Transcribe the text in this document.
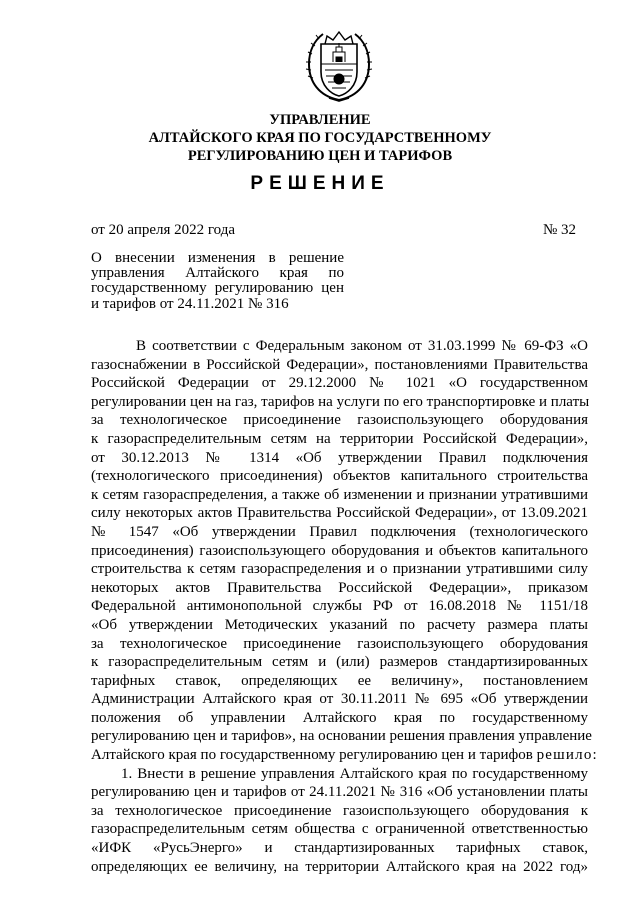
УПРАВЛЕНИЕ
АЛТАЙСКОГО КРАЯ ПО ГОСУДАРСТВЕННОМУ
РЕГУЛИРОВАНИЮ ЦЕН И ТАРИФОВ
РЕШЕНИЕ
от 20 апреля 2022 года	№ 32
О внесении изменения в решение
управления Алтайского края по
государственному регулированию цен
и тарифов от 24.11.2021 № 316
В соответствии с Федеральным законом от 31.03.1999 № 69-ФЗ «О
газоснабжении в Российской Федерации», постановлениями Правительства
Российской Федерации от 29.12.2000 № 1021 «О государственном
регулировании цен на газ, тарифов на услуги по его транспортировке и платы
за технологическое присоединение газоиспользующего оборудования
к газораспределительным сетям на территории Российской Федерации»,
от 30.12.2013 № 1314 «Об утверждении Правил подключения
(технологического присоединения) объектов капитального строительства
к сетям газораспределения, а также об изменении и признании утратившими
силу некоторых актов Правительства Российской Федерации», от 13.09.2021
№ 1547 «Об утверждении Правил подключения (технологического
присоединения) газоиспользующего оборудования и объектов капитального
строительства к сетям газораспределения и о признании утратившими силу
некоторых актов Правительства Российской Федерации», приказом
Федеральной антимонопольной службы РФ от 16.08.2018 № 1151/18
«Об утверждении Методических указаний по расчету размера платы
за технологическое присоединение газоиспользующего оборудования
к газораспределительным сетям и (или) размеров стандартизированных
тарифных ставок, определяющих ее величину», постановлением
Администрации Алтайского края от 30.11.2011 № 695 «Об утверждении
положения об управлении Алтайского края по государственному
регулированию цен и тарифов», на основании решения правления управление
Алтайского края по государственному регулированию цен и тарифов решило:
1. Внести в решение управления Алтайского края по государственному
регулированию цен и тарифов от 24.11.2021 № 316 «Об установлении платы
за технологическое присоединение газоиспользующего оборудования к
газораспределительным сетям общества с ограниченной ответственностью
«ИФК «РусьЭнерго» и стандартизированных тарифных ставок,
определяющих ее величину, на территории Алтайского края на 2022 год»
